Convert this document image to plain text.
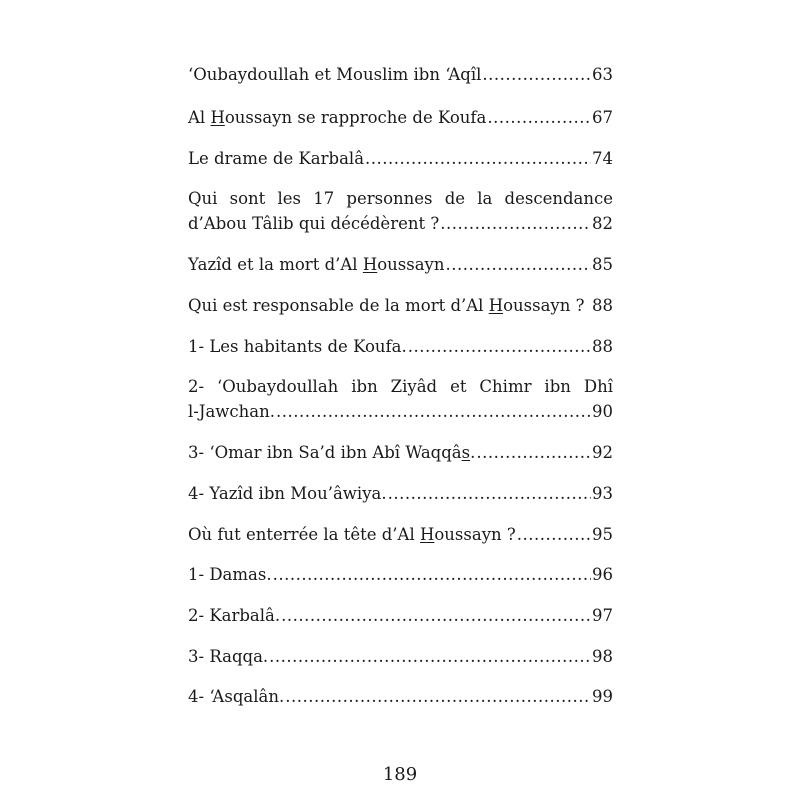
‘Oubaydoullah et Mouslim ibn ‘Aqîl .....	63
Al Houssayn se rapproche de Koufa .....	67
Le drame de Karbalâ .....	74
Qui sont les 17 personnes de la descendance
d’Abou Tâlib qui décédèrent ? .....	82
Yazîd et la mort d’Al Houssayn .....	85
Qui est responsable de la mort d’Al Houssayn ? 88
1- Les habitants de Koufa. .....	88
2- ‘Oubaydoullah ibn Ziyâd et Chimr ibn Dhî
l-Jawchan. .....	90
3- ‘Omar ibn Sa’d ibn Abî Waqqâs. .....	92
4- Yazîd ibn Mou’âwiya. .....	93
Où fut enterrée la tête d’Al Houssayn ? .....	95
1- Damas. .....	96
2- Karbalâ. .....	97
3- Raqqa. .....	98
4- ‘Asqalân. .....	99
189
